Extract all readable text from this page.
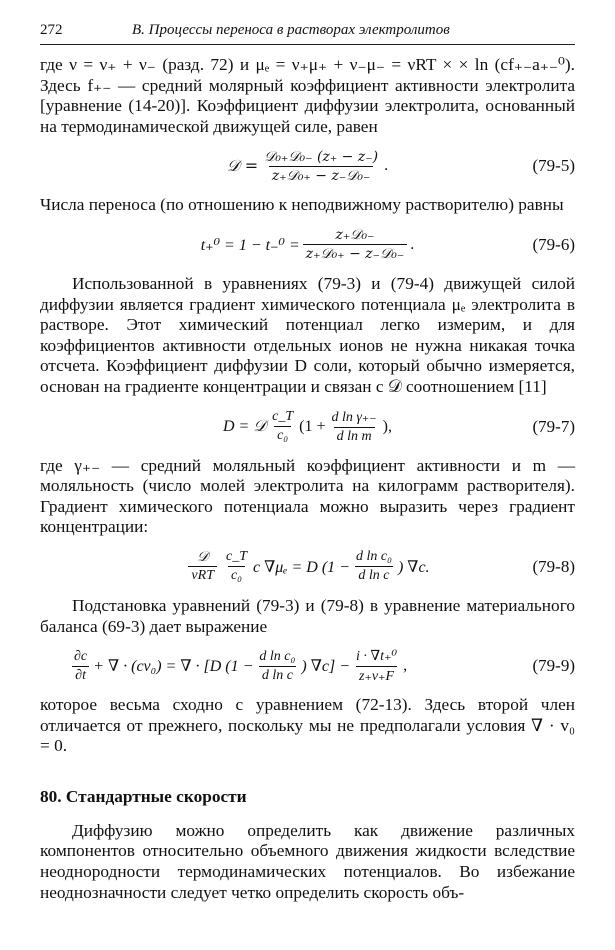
272	В. Процессы переноса в растворах электролитов

где ν = ν₊ + ν₋ (разд. 72) и μₑ = ν₊μ₊ + ν₋μ₋ = νRT × × ln (cf₊₋a₊₋⁰). Здесь f₊₋ — средний молярный коэффициент активности электролита [уравнение (14-20)]. Коэффициент диффузии электролита, основанный на термодинамической движущей силе, равен

𝒟 = $\frac{\text{𝒟₀₊𝒟₀₋ (z₊ − z₋)}}{\text{z₊𝒟₀₊ − z₋𝒟₀₋}}$ .	(79-5)

Числа переноса (по отношению к неподвижному растворителю) равны

$t_+^0 = 1 - t_-^0 = \frac{\text{z₊𝒟₀₋}}{\text{z₊𝒟₀₊ − z₋𝒟₀₋}}$ .	(79-6)

Использованной в уравнениях (79-3) и (79-4) движущей силой диффузии является градиент химического потенциала μₑ электролита в растворе. Этот химический потенциал легко измерим, и для коэффициентов активности отдельных ионов не нужна никакая точка отсчета. Коэффициент диффузии D соли, который обычно измеряется, основан на градиенте концентрации и связан с 𝒟 соотношением [11]

D = 𝒟 $\frac{c\_T}{\text{c₀}} (1 + \frac{\text{d ln γ₊₋}}{\text{d ln m}}$ ),	(79-7)

где γ₊₋ — средний моляльный коэффициент активности и m — моляльность (число молей электролита на килограмм растворителя). Градиент химического потенциала можно выразить через градиент концентрации:

$\frac{\text{𝒟}}{\text{νRT}} \frac{c\_T}{\text{c₀}}$ c ∇μₑ = D ($1 - \frac{\text{d ln c₀}}{\text{d ln c}}$ ) ∇c.	(79-8)

Подстановка уравнений (79-3) и (79-8) в уравнение материального баланса (69-3) дает выражение

$\frac{\partial c}{\partial t}$ + ∇ · (cv₀) = ∇ · [D ($1 - \frac{\text{d ln c₀}}{\text{d ln c}}$ ) $\nabla c] - \frac{\text{i · ∇t₊⁰}}{z_+\nu_+F}$ ,	(79-9)

которое весьма сходно с уравнением (72-13). Здесь второй член отличается от прежнего, поскольку мы не предполагали условия ∇ · v₀ = 0.

80. Стандартные скорости

Диффузию можно определить как движение различных компонентов относительно объемного движения жидкости вследствие неоднородности термодинамических потенциалов. Во избежание неоднозначности следует четко определить скорость объ-
